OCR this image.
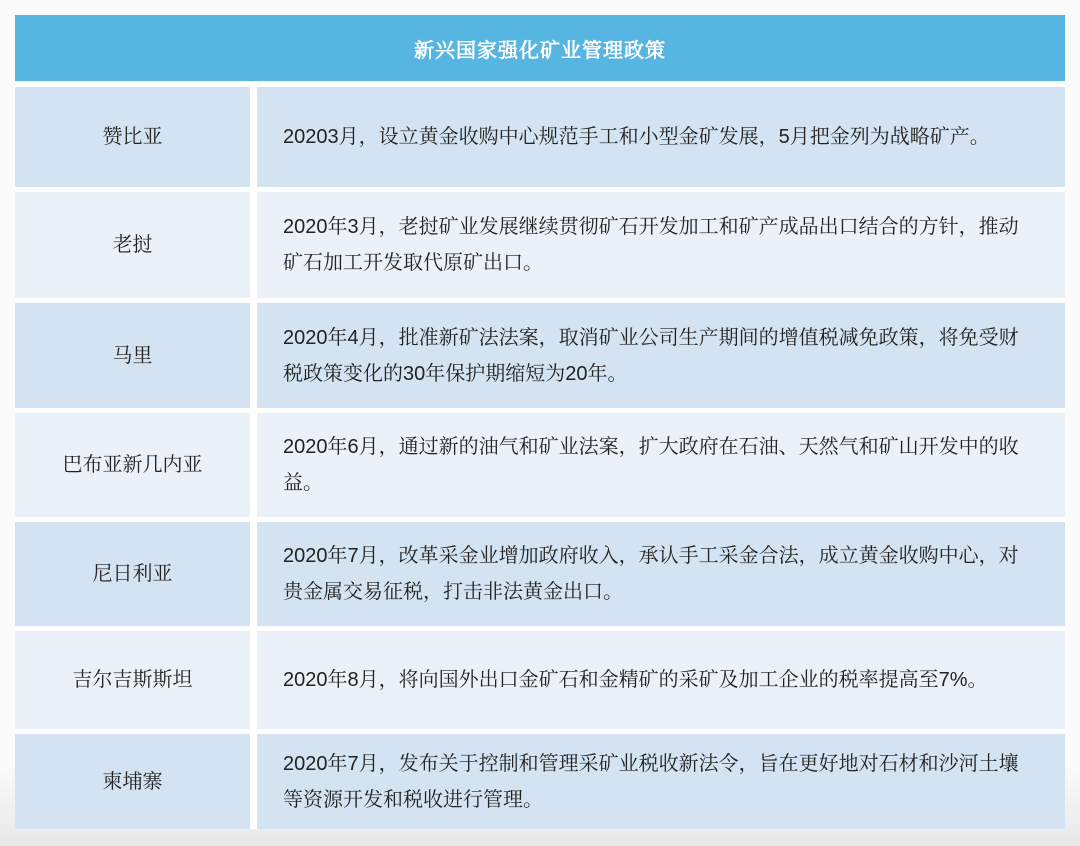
新兴国家强化矿业管理政策
赞比亚	20203月，设立黄金收购中心规范手工和小型金矿发展，5月把金列为战略矿产。
老挝
2020年3月，老挝矿业发展继续贯彻矿石开发加工和矿产成品出口结合的方针，推动矿石加工开发取代原矿出口。
马里
2020年4月，批准新矿法法案，取消矿业公司生产期间的增值税减免政策，将免受财税政策变化的30年保护期缩短为20年。
巴布亚新几内亚
2020年6月，通过新的油气和矿业法案，扩大政府在石油、天然气和矿山开发中的收益。
尼日利亚
2020年7月，改革采金业增加政府收入，承认手工采金合法，成立黄金收购中心，对贵金属交易征税，打击非法黄金出口。
吉尔吉斯斯坦	2020年8月，将向国外出口金矿石和金精矿的采矿及加工企业的税率提高至7%。
柬埔寨
2020年7月，发布关于控制和管理采矿业税收新法令，旨在更好地对石材和沙河土壤等资源开发和税收进行管理。
